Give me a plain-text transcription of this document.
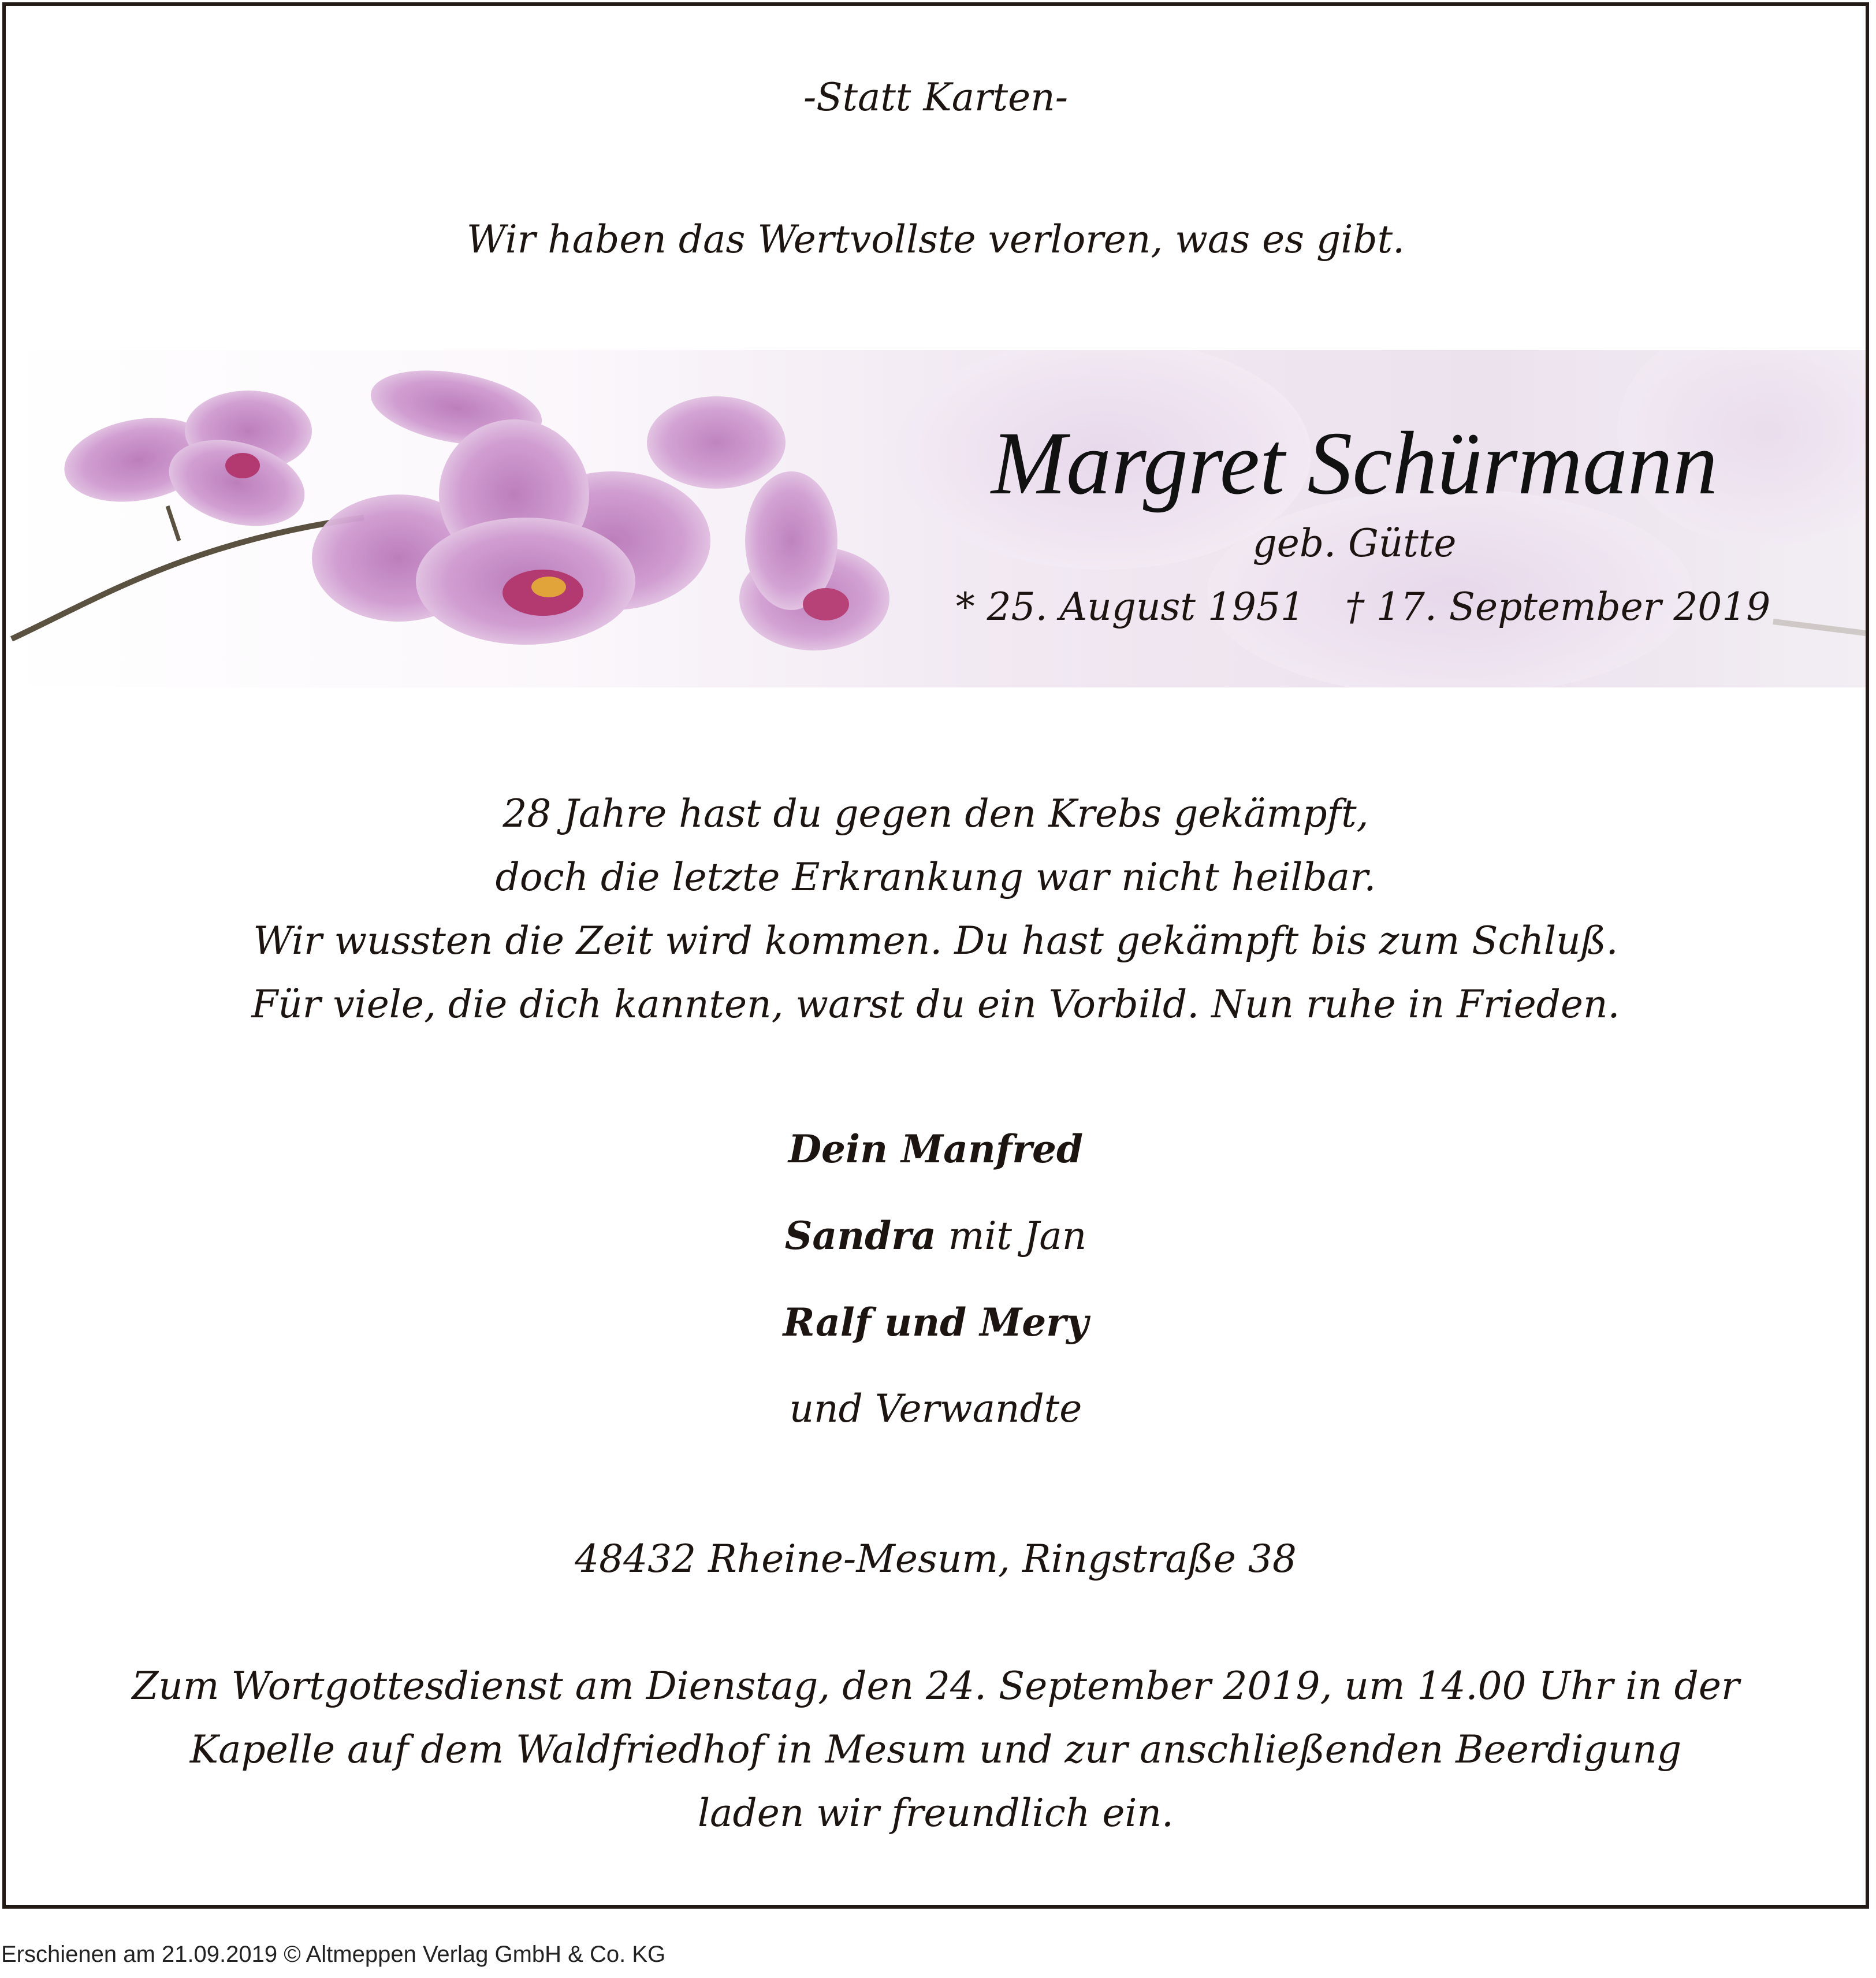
-Statt Karten-
Wir haben das Wertvollste verloren, was es gibt.
Margret Schürmann
geb. Gütte
* 25. August 1951 † 17. September 2019
28 Jahre hast du gegen den Krebs gekämpft,
doch die letzte Erkrankung war nicht heilbar.
Wir wussten die Zeit wird kommen. Du hast gekämpft bis zum Schluß.
Für viele, die dich kannten, warst du ein Vorbild. Nun ruhe in Frieden.
Dein Manfred
Sandra mit Jan
Ralf und Mery
und Verwandte
48432 Rheine-Mesum, Ringstraße 38
Zum Wortgottesdienst am Dienstag, den 24. September 2019, um 14.00 Uhr in der
Kapelle auf dem Waldfriedhof in Mesum und zur anschließenden Beerdigung
laden wir freundlich ein.
Erschienen am 21.09.2019 © Altmeppen Verlag GmbH & Co. KG
